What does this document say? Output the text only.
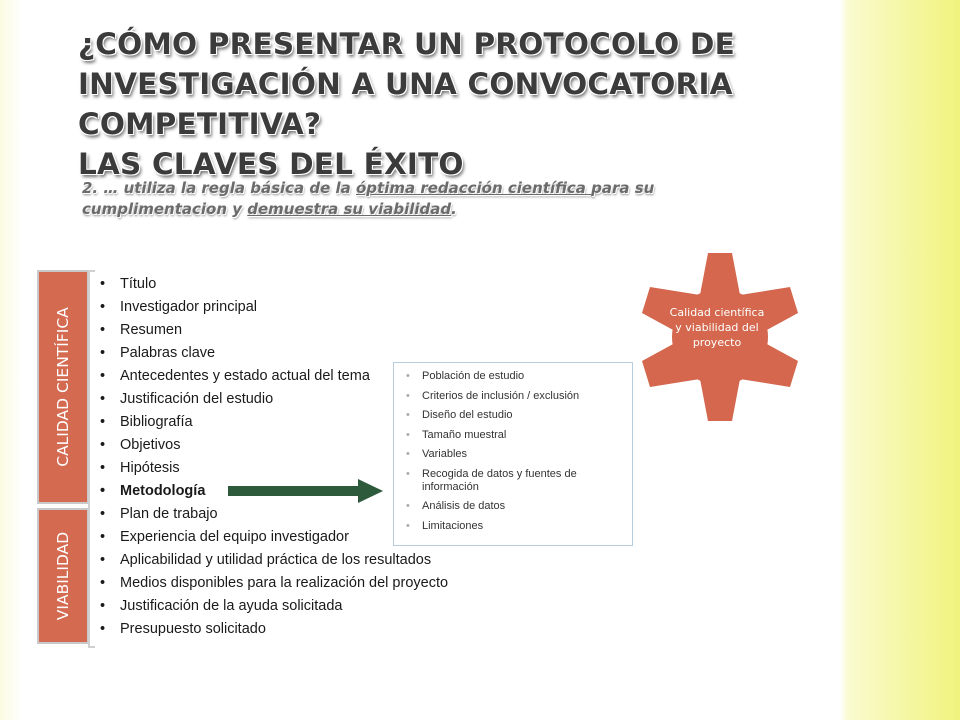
¿CÓMO PRESENTAR UN PROTOCOLO DE
INVESTIGACIÓN A UNA CONVOCATORIA COMPETITIVA?
LAS CLAVES DEL ÉXITO

2. … utiliza la regla básica de la óptima redacción científica para su cumplimentacion y demuestra su viabilidad.

CALIDAD CIENTÍFICA
VIABILIDAD
• Título
• Investigador principal
• Resumen
• Palabras clave
• Antecedentes y estado actual del tema
• Justificación del estudio
• Bibliografía
• Objetivos
• Hipótesis
• Metodología
• Plan de trabajo
• Experiencia del equipo investigador
• Aplicabilidad y utilidad práctica de los resultados
• Medios disponibles para la realización del proyecto
• Justificación de la ayuda solicitada
• Presupuesto solicitado
• Población de estudio
• Criterios de inclusión / exclusión
• Diseño del estudio
• Tamaño muestral
• Variables
• Recogida de datos y fuentes de información
• Análisis de datos
• Limitaciones
Calidad científica y viabilidad del proyecto
